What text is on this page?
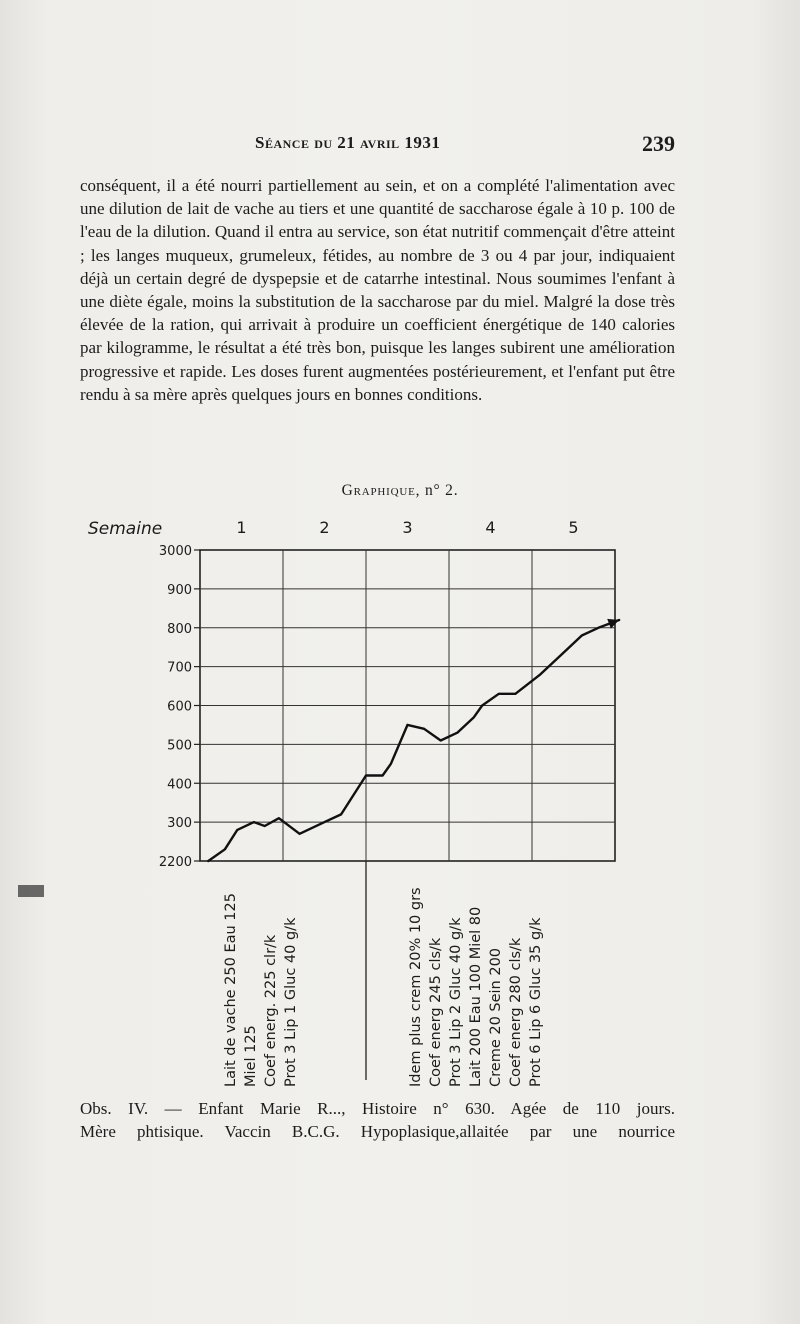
Séance du 21 avril 1931	239
conséquent, il a été nourri partiellement au sein, et on a complété l'alimentation avec une dilution de lait de vache au tiers et une quantité de saccharose égale à 10 p. 100 de l'eau de la dilution. Quand il entra au service, son état nutritif commençait d'être atteint ; les langes muqueux, grumeleux, fétides, au nombre de 3 ou 4 par jour, indiquaient déjà un certain degré de dyspepsie et de catarrhe intestinal. Nous soumimes l'enfant à une diète égale, moins la substitution de la saccharose par du miel. Malgré la dose très élevée de la ration, qui arrivait à produire un coefficient énergétique de 140 calories par kilogramme, le résultat a été très bon, puisque les langes subirent une amélioration progressive et rapide. Les doses furent augmentées postérieurement, et l'enfant put être rendu à sa mère après quelques jours en bonnes conditions.
Graphique, n° 2.
3000
900
800
700
600
500
400
300
2200
1	2	3	4	5
Semaine
Lait de vache 250 Eau 125 Miel 125 Coef energ. 225 clr/k Prot 3 Lip 1 Gluc 40 g/k	Idem plus crem 20% 10 grs Coef energ 245 cls/k Prot 3 Lip 2 Gluc 40 g/k Lait 200 Eau 100 Miel 80 Creme 20 Sein 200 Coef energ 280 cls/k Prot 6 Lip 6 Gluc 35 g/k

Obs. IV. — Enfant Marie R..., Histoire n° 630. Agée de 110 jours.

Mère phtisique. Vaccin B.C.G. Hypoplasique,allaitée par une nourrice
